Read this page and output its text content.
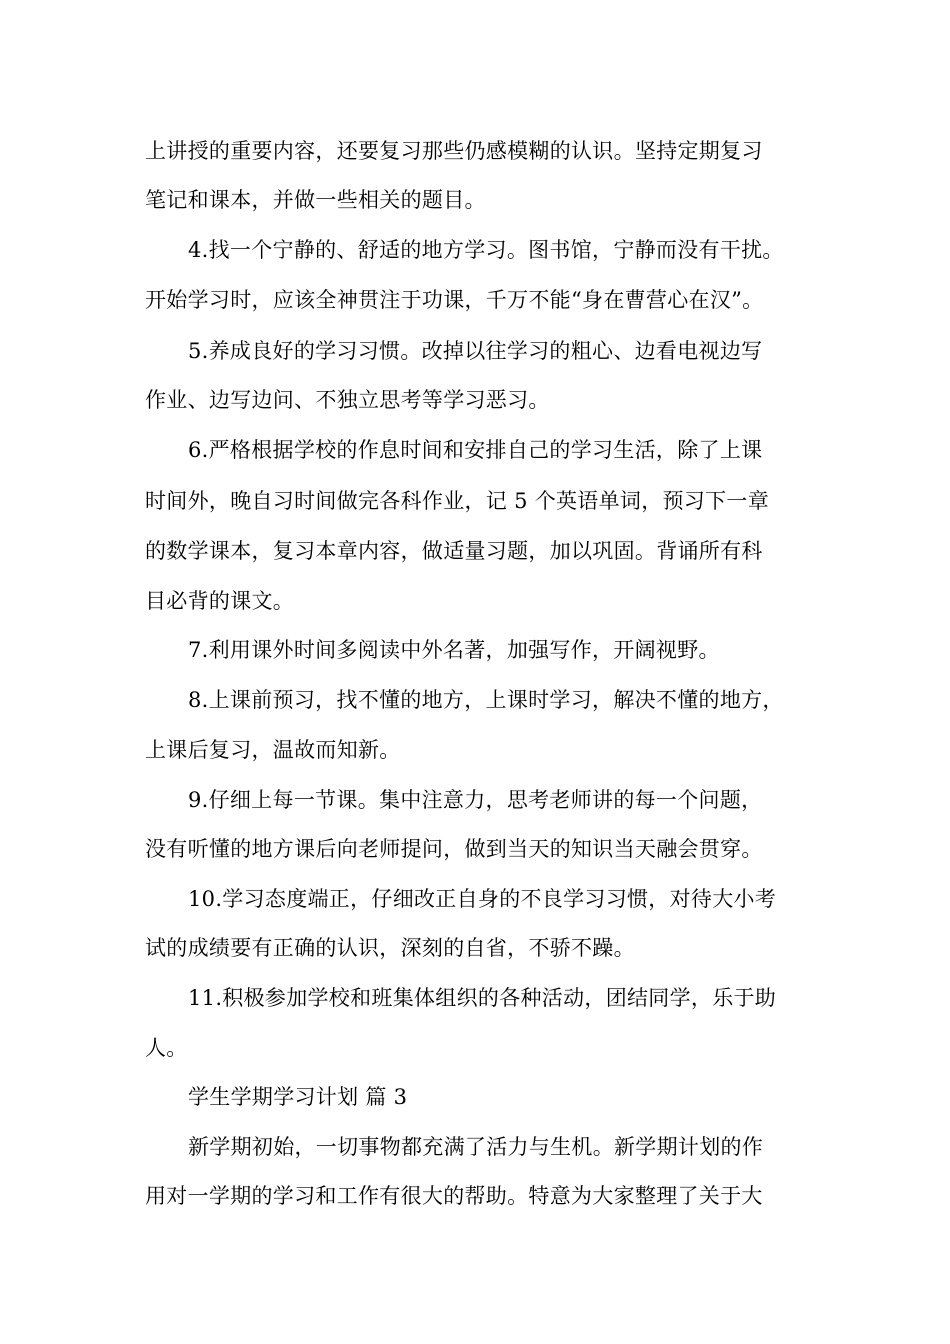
上讲授的重要内容，还要复习那些仍感模糊的认识。坚持定期复习
笔记和课本，并做一些相关的题目。
4.找一个宁静的、舒适的地方学习。图书馆，宁静而没有干扰。
开始学习时，应该全神贯注于功课，千万不能“身在曹营心在汉”。
5.养成良好的学习习惯。改掉以往学习的粗心、边看电视边写
作业、边写边问、不独立思考等学习恶习。
6.严格根据学校的作息时间和安排自己的学习生活，除了上课
时间外，晚自习时间做完各科作业，记 5 个英语单词，预习下一章
的数学课本，复习本章内容，做适量习题，加以巩固。背诵所有科
目必背的课文。
7.利用课外时间多阅读中外名著，加强写作，开阔视野。
8.上课前预习，找不懂的地方，上课时学习，解决不懂的地方，
上课后复习，温故而知新。
9.仔细上每一节课。集中注意力，思考老师讲的每一个问题，
没有听懂的地方课后向老师提问，做到当天的知识当天融会贯穿。
10.学习态度端正，仔细改正自身的不良学习习惯，对待大小考
试的成绩要有正确的认识，深刻的自省，不骄不躁。
11.积极参加学校和班集体组织的各种活动，团结同学，乐于助
人。
学生学期学习计划 篇 3
新学期初始，一切事物都充满了活力与生机。新学期计划的作
用对一学期的学习和工作有很大的帮助。特意为大家整理了关于大
